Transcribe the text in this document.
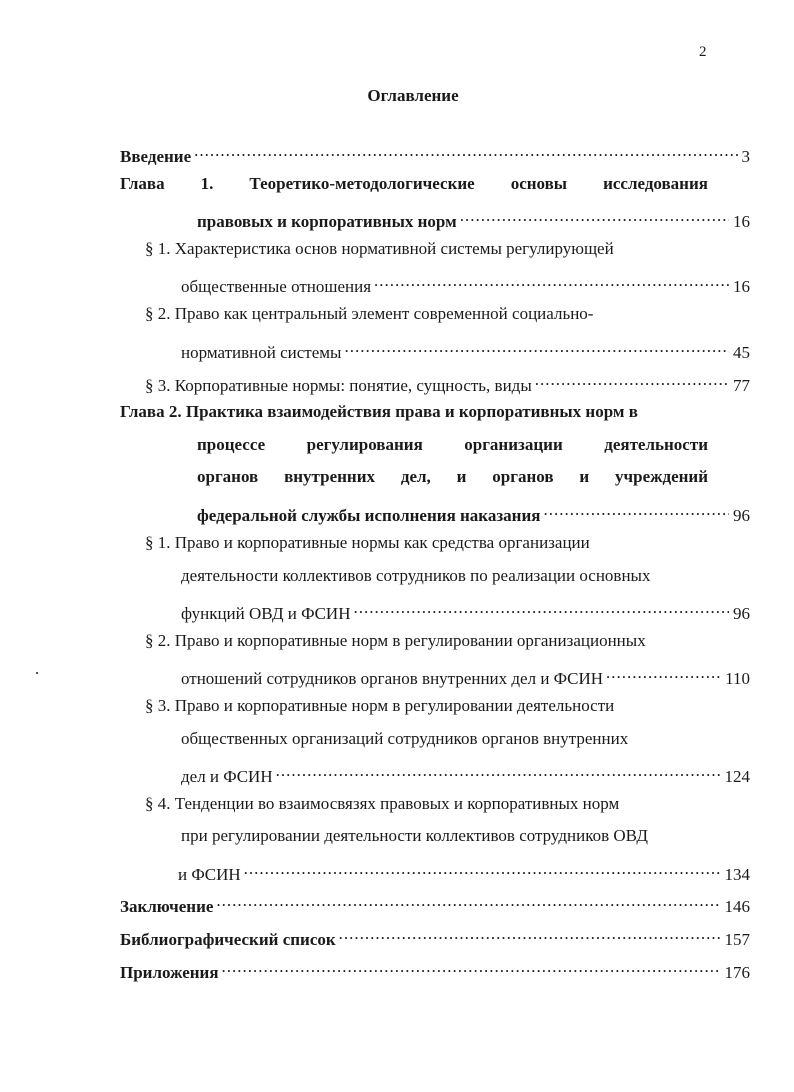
2
Оглавление
Введение .....	3
Глава 1. Теоретико-методологические основы исследования
правовых и корпоративных норм .....	16
§ 1. Характеристика основ нормативной системы регулирующей
общественные отношения .....	16
§ 2. Право как центральный элемент современной социально-
нормативной системы .....	45
§ 3. Корпоративные нормы: понятие, сущность, виды .....	77
Глава 2. Практика взаимодействия права и корпоративных норм в
процессе регулирования организации деятельности
органов внутренних дел, и органов и учреждений
федеральной службы исполнения наказания .....	96
§ 1. Право и корпоративные нормы как средства организации
деятельности коллективов сотрудников по реализации основных
функций ОВД и ФСИН .....	96
§ 2. Право и корпоративные норм в регулировании организационных
отношений сотрудников органов внутренних дел и ФСИН .....	110
§ 3. Право и корпоративные норм в регулировании деятельности
общественных организаций сотрудников органов внутренних
дел и ФСИН .....	124
§ 4. Тенденции во взаимосвязях правовых и корпоративных норм
при регулировании деятельности коллективов сотрудников ОВД
и ФСИН .....	134
Заключение .....	146
Библиографический список .....	157
Приложения .....	176
